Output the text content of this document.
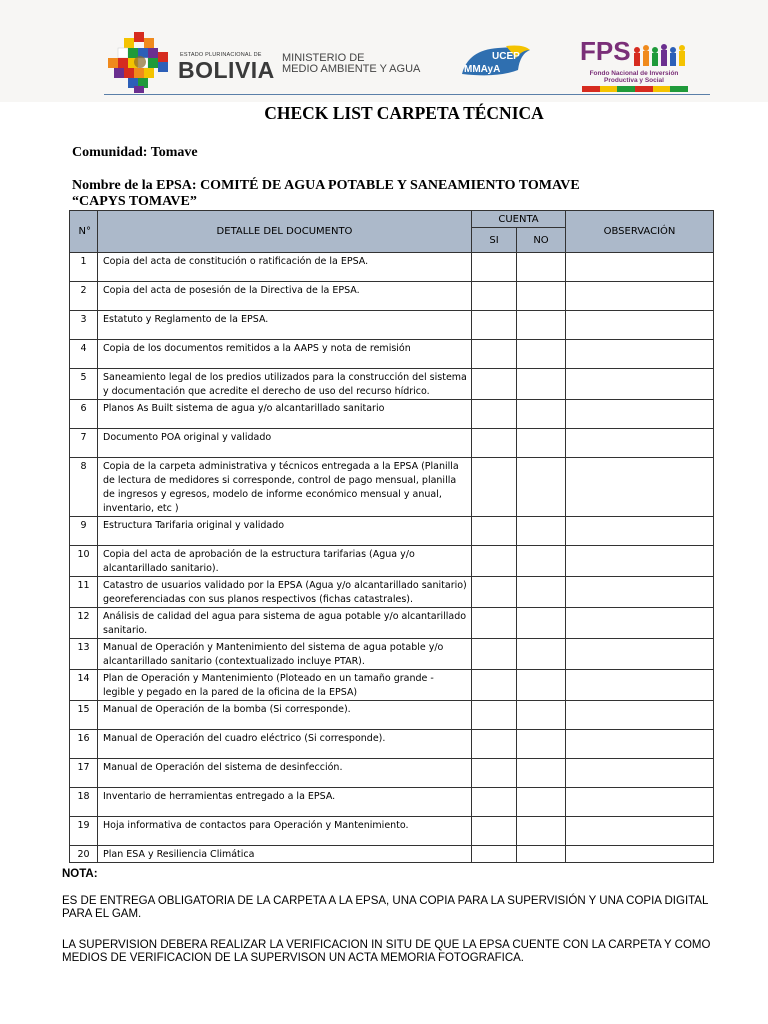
ESTADO PLURINACIONAL DE
BOLIVIA MINISTERIO DE
MEDIO AMBIENTE Y AGUA
UCEP
MMAyA
FPS
Fondo Nacional de Inversión
Productiva y Social
CHECK LIST CARPETA TÉCNICA
Comunidad: Tomave
Nombre de la EPSA: COMITÉ DE AGUA POTABLE Y SANEAMIENTO TOMAVE
“CAPYS TOMAVE”
N°	DETALLE DEL DOCUMENTO	CUENTA		OBSERVACIÓN
		SI	NO	
1	Copia del acta de constitución o ratificación de la EPSA.			
2	Copia del acta de posesión de la Directiva de la EPSA.			
3	Estatuto y Reglamento de la EPSA.			
4	Copia de los documentos remitidos a la AAPS y nota de remisión			
5	Saneamiento legal de los predios utilizados para la construcción del sistema y documentación que acredite el derecho de uso del recurso hídrico.			
6	Planos As Built sistema de agua y/o alcantarillado sanitario			
7	Documento POA original y validado			
8	Copia de la carpeta administrativa y técnicos entregada a la EPSA (Planilla de lectura de medidores si corresponde, control de pago mensual, planilla de ingresos y egresos, modelo de informe económico mensual y anual, inventario, etc )			
9	Estructura Tarifaria original y validado			
10	Copia del acta de aprobación de la estructura tarifarias (Agua y/o alcantarillado sanitario).			
11	Catastro de usuarios validado por la EPSA (Agua y/o alcantarillado sanitario) georeferenciadas con sus planos respectivos (fichas catastrales).			
12	Análisis de calidad del agua para sistema de agua potable y/o alcantarillado sanitario.			
13	Manual de Operación y Mantenimiento del sistema de agua potable y/o alcantarillado sanitario (contextualizado incluye PTAR).			
14	Plan de Operación y Mantenimiento (Ploteado en un tamaño grande - legible y pegado en la pared de la oficina de la EPSA)			
15	Manual de Operación de la bomba (Si corresponde).			
16	Manual de Operación del cuadro eléctrico (Si corresponde).			
17	Manual de Operación del sistema de desinfección.			
18	Inventario de herramientas entregado a la EPSA.			
19	Hoja informativa de contactos para Operación y Mantenimiento.			
20	Plan ESA y Resiliencia Climática			
NOTA:
ES DE ENTREGA OBLIGATORIA DE LA CARPETA A LA EPSA, UNA COPIA PARA LA SUPERVISIÓN Y UNA COPIA DIGITAL PARA EL GAM.
LA SUPERVISION DEBERA REALIZAR LA VERIFICACION IN SITU DE QUE LA EPSA CUENTE CON LA CARPETA Y COMO MEDIOS DE VERIFICACION DE LA SUPERVISON UN ACTA MEMORIA FOTOGRAFICA.
